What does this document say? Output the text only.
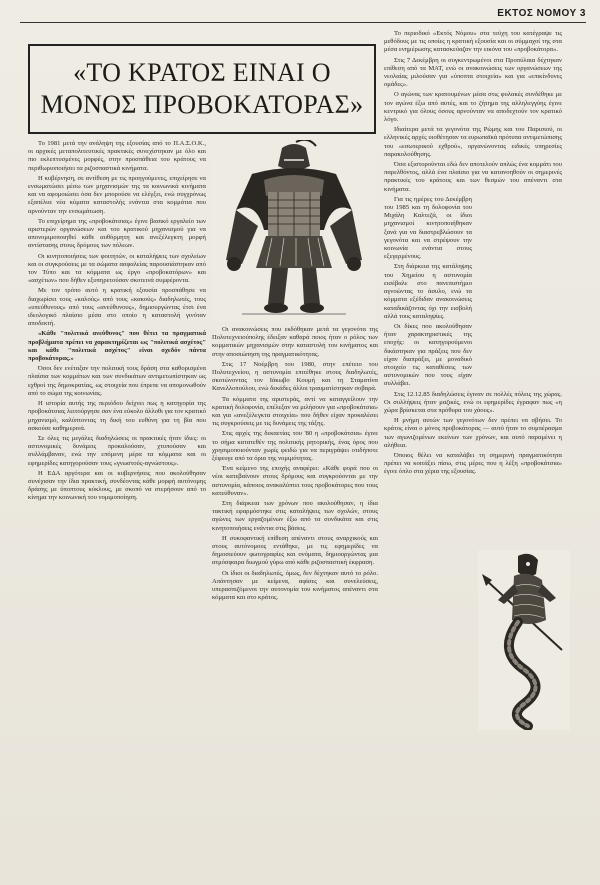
ΕΚΤΟΣ ΝΟΜΟΥ 3
«ΤΟ ΚΡΑΤΟΣ ΕΙΝΑΙ Ο ΜΟΝΟΣ ΠΡΟΒΟΚΑΤΟΡΑΣ»

Το 1981 μετά την ανάληψη της εξουσίας από το Π.Α.Σ.Ο.Κ., οι αρχικές μεταπολιτευτικές πρακτικές συνεχίστηκαν με όλο και πιο εκλεπτυσμένες μορφές, στην προσπάθεια του κράτους να περιθωριοποιήσει τα ριζοσπαστικά κινήματα.

Η κυβέρνηση, σε αντίθεση με τις προηγούμενες, επιχείρησε να ενσωματώσει μέσω των μηχανισμών της τα κοινωνικά κινήματα και να αφομοιώσει όσα δεν μπορούσε να ελέγξει, ενώ συγχρόνως εξαπέλυε νέα κύματα καταστολής ενάντια στα κομμάτια που αρνούνταν την ενσωμάτωση.

Το επιχείρημα της «προβοκάτσιας» έγινε βασικό εργαλείο των αριστερών οργανώσεων και του κρατικού μηχανισμού για να απονομιμοποιηθεί κάθε αυθόρμητη και ανεξέλεγκτη μορφή αντίστασης στους δρόμους των πόλεων.

Οι κινητοποιήσεις των φοιτητών, οι καταλήψεις των σχολείων και οι συγκρούσεις με τα σώματα ασφαλείας παρουσιάστηκαν από τον Τύπο και τα κόμματα ως έργο «προβοκατόρων» και «ασχέτων» που δήθεν εξυπηρετούσαν σκοτεινά συμφέροντα.

Με τον τρόπο αυτό η κρατική εξουσία προσπάθησε να διαχωρίσει τους «καλούς» από τους «κακούς» διαδηλωτές, τους «υπεύθυνους» από τους «ανεύθυνους», δημιουργώντας έτσι ένα ιδεολογικό πλαίσιο μέσα στο οποίο η καταστολή γινόταν αποδεκτή.

«Κάθε "πολιτικά ανεύθυνος" που θέτει τα πραγματικά προβλήματα πρέπει να χαρακτηρίζεται ως "πολιτικά ασχέτος" και κάθε "πολιτικά ασχέτος" είναι σχεδόν πάντα προβοκάτορας.»

Όσοι δεν ενέταξαν την πολιτική τους δράση στα καθορισμένα πλαίσια των κομμάτων και των συνδικάτων αντιμετωπίστηκαν ως εχθροί της δημοκρατίας, ως στοιχεία που έπρεπε να απομονωθούν από το σώμα της κοινωνίας.

Η ιστορία αυτής της περιόδου δείχνει πως η κατηγορία της προβοκάτσιας λειτούργησε σαν ένα εύκολο άλλοθι για τον κρατικό μηχανισμό, καλύπτοντας τη δική του ευθύνη για τη βία που ασκούσε καθημερινά.

Σε όλες τις μεγάλες διαδηλώσεις οι πρακτικές ήταν ίδιες: οι αστυνομικές δυνάμεις προκαλούσαν, χτυπούσαν και συλλάμβαναν, ενώ την επόμενη μέρα τα κόμματα και οι εφημερίδες κατηγορούσαν τους «γνωστούς-αγνώστους».

Η ΕΔΑ αργότερα και οι κυβερνήσεις που ακολούθησαν συνέχισαν την ίδια πρακτική, συνδέοντας κάθε μορφή αυτόνομης δράσης με ύποπτους κύκλους, με σκοπό να στερήσουν από το κίνημα την κοινωνική του νομιμοποίηση.

Οι ανακοινώσεις που εκδόθηκαν μετά τα γεγονότα της Πολυτεχνειούπολης έδειξαν καθαρά ποιος ήταν ο ρόλος των κομματικών μηχανισμών στην καταστολή του κινήματος και στην αποσιώπηση της πραγματικότητας.

Στις 17 Νοέμβρη του 1980, στην επέτειο του Πολυτεχνείου, η αστυνομία επιτέθηκε στους διαδηλωτές, σκοτώνοντας τον Ιάκωβο Κουμή και τη Σταματίνα Κανελλοπούλου, ενώ δεκάδες άλλοι τραυματίστηκαν σοβαρά.

Τα κόμματα της αριστεράς, αντί να καταγγείλουν την κρατική δολοφονία, επέλεξαν να μιλήσουν για «προβοκάτσια» και για «ανεξέλεγκτα στοιχεία» που δήθεν είχαν προκαλέσει τις συγκρούσεις με τις δυνάμεις της τάξης.

Στις αρχές της δεκαετίας του '80 η «προβοκάτσια» έγινε το σήμα κατατεθέν της πολιτικής ρητορικής, ένας όρος που χρησιμοποιούνταν χωρίς φειδώ για να περιγράψει οτιδήποτε ξέφευγε από τα όρια της νομιμότητας.

Ένα κείμενο της εποχής αναφέρει: «Κάθε φορά που οι νέοι κατεβαίνουν στους δρόμους και συγκρούονται με την αστυνομία, κάποιος ανακαλύπτει τους προβοκάτορες που τους κατεύθυναν».

Στη διάρκεια των χρόνων που ακολούθησαν, η ίδια τακτική εφαρμόστηκε στις καταλήψεις των σχολών, στους αγώνες των εργαζομένων έξω από τα συνδικάτα και στις κινητοποιήσεις ενάντια στις βάσεις.

Η συκοφαντική επίθεση απέναντι στους αναρχικούς και στους αυτόνομους εντάθηκε, με τις εφημερίδες να δημοσιεύουν φωτογραφίες και ονόματα, δημιουργώντας μια ατμόσφαιρα διωγμού γύρω από κάθε ριζοσπαστική έκφραση.

Οι ίδιοι οι διαδηλωτές, όμως, δεν δέχτηκαν αυτό το ρόλο. Απάντησαν με κείμενα, αφίσες και συνελεύσεις, υπερασπιζόμενοι την αυτονομία του κινήματος απέναντι στα κόμματα και στο κράτος.

Το περιοδικό «Εκτός Νόμου» στα τεύχη του κατέγραψε τις μεθόδους με τις οποίες η κρατική εξουσία και οι σύμμαχοί της στα μέσα ενημέρωσης κατασκεύαζαν την εικόνα του «προβοκάτορα».

Στις 7 Δεκέμβρη οι συγκεντρωμένοι στα Προπύλαια δέχτηκαν επίθεση από τα ΜΑΤ, ενώ οι ανακοινώσεις των οργανώσεων της νεολαίας μιλούσαν για «ύποπτα στοιχεία» και για «επικίνδυνες ομάδες».

Ο αγώνας των κρατουμένων μέσα στις φυλακές συνδέθηκε με τον αγώνα έξω από αυτές, και το ζήτημα της αλληλεγγύης έγινε κεντρικό για όλους όσους αρνούνταν να αποδεχτούν τον κρατικό λόγο.

Ιδιαίτερα μετά τα γεγονότα της Ρώμης και του Παρισιού, οι ελληνικές αρχές υιοθέτησαν τα ευρωπαϊκά πρότυπα αντιμετώπισης του «εσωτερικού εχθρού», οργανώνοντας ειδικές υπηρεσίες παρακολούθησης.

Όσα εξιστορούνται εδώ δεν αποτελούν απλώς ένα κομμάτι του παρελθόντος, αλλά ένα πλαίσιο για να κατανοηθούν οι σημερινές πρακτικές του κράτους και των θεσμών του απέναντι στα κινήματα.

Για τις ημέρες του Δεκέμβρη του 1985 και τη δολοφονία του Μιχάλη Καλτεζά, οι ίδιοι μηχανισμοί κινητοποιήθηκαν ξανά για να διαστρεβλώσουν τα γεγονότα και να στρέψουν την κοινωνία ενάντια στους εξεγερμένους.

Στη διάρκεια της κατάληψης του Χημείου η αστυνομία εισέβαλε στο πανεπιστήμιο αγνοώντας το άσυλο, ενώ τα κόμματα εξέδιδαν ανακοινώσεις καταδικάζοντας όχι την εισβολή αλλά τους καταληψίες.

Οι δίκες που ακολούθησαν ήταν χαρακτηριστικές της εποχής: οι κατηγορούμενοι δικάστηκαν για πράξεις που δεν είχαν διαπράξει, με μοναδικό στοιχείο τις καταθέσεις των αστυνομικών που τους είχαν συλλάβει.

Στις 12.12.85 διαδηλώσεις έγιναν σε πολλές πόλεις της χώρας. Οι συλλήψεις ήταν μαζικές, ενώ οι εφημερίδες έγραφαν πως «η χώρα βρίσκεται στα πρόθυρα του χάους».

Η μνήμη αυτών των γεγονότων δεν πρέπει να σβήσει. Το κράτος είναι ο μόνος προβοκάτορας — αυτό ήταν το συμπέρασμα των αγωνιζομένων εκείνων των χρόνων, και αυτό παραμένει η αλήθεια.

Όποιος θέλει να καταλάβει τη σημερινή πραγματικότητα πρέπει να κοιτάξει πίσω, στις μέρες που η λέξη «προβοκάτσια» έγινε όπλο στα χέρια της εξουσίας.
